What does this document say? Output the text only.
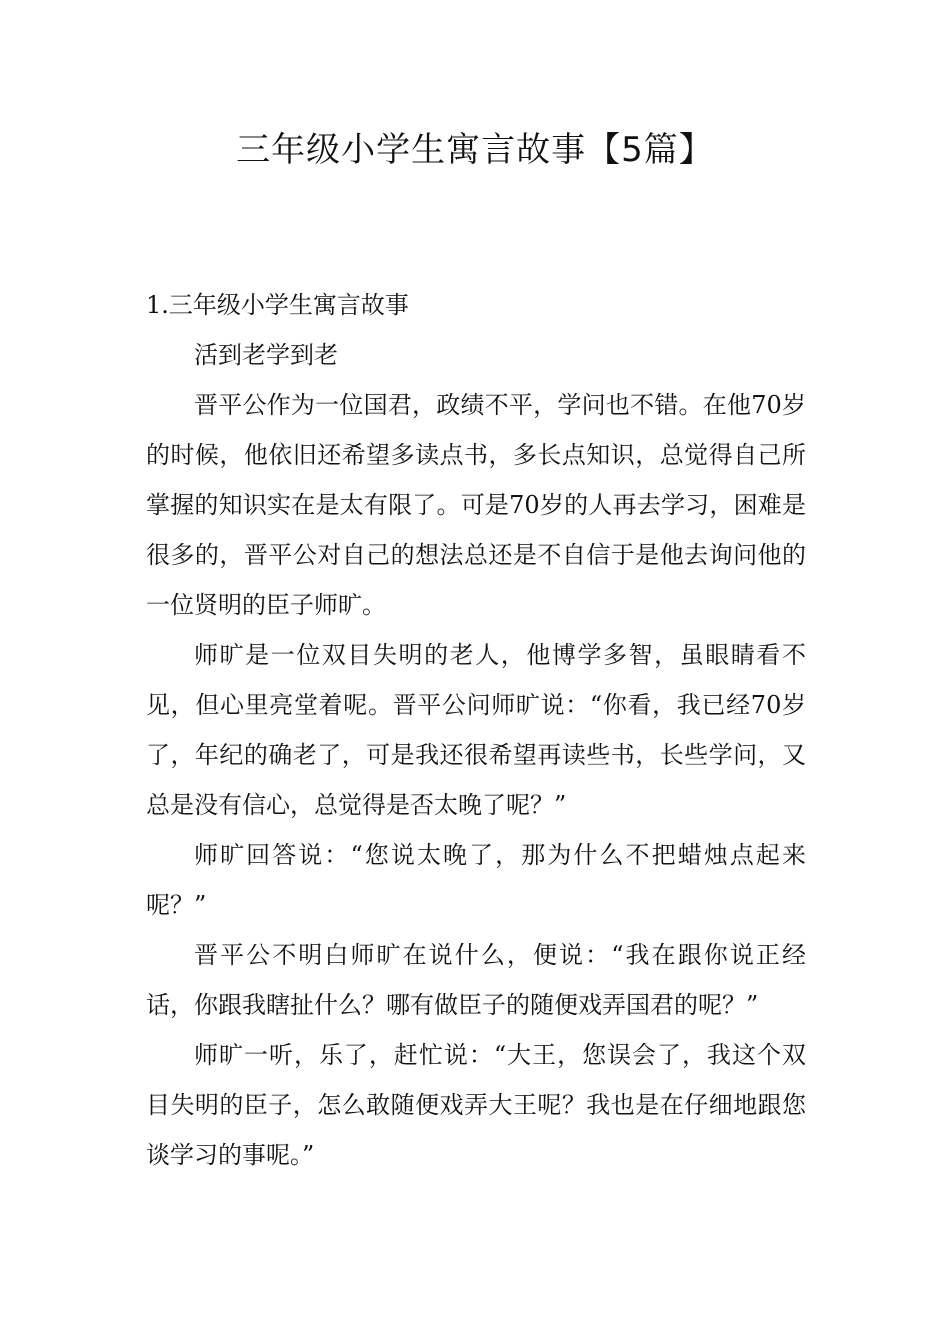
三年级小学生寓言故事【5篇】
1.三年级小学生寓言故事

活到老学到老

晋平公作为一位国君，政绩不平，学问也不错。在他70岁的时候，他依旧还希望多读点书，多长点知识，总觉得自己所掌握的知识实在是太有限了。可是70岁的人再去学习，困难是很多的，晋平公对自己的想法总还是不自信于是他去询问他的一位贤明的臣子师旷。

师旷是一位双目失明的老人，他博学多智，虽眼睛看不见，但心里亮堂着呢。晋平公问师旷说：“你看，我已经70岁了，年纪的确老了，可是我还很希望再读些书，长些学问，又总是没有信心，总觉得是否太晚了呢？”

师旷回答说：“您说太晚了，那为什么不把蜡烛点起来呢？”

晋平公不明白师旷在说什么，便说：“我在跟你说正经话，你跟我瞎扯什么？哪有做臣子的随便戏弄国君的呢？”

师旷一听，乐了，赶忙说：“大王，您误会了，我这个双目失明的臣子，怎么敢随便戏弄大王呢？我也是在仔细地跟您谈学习的事呢。”
